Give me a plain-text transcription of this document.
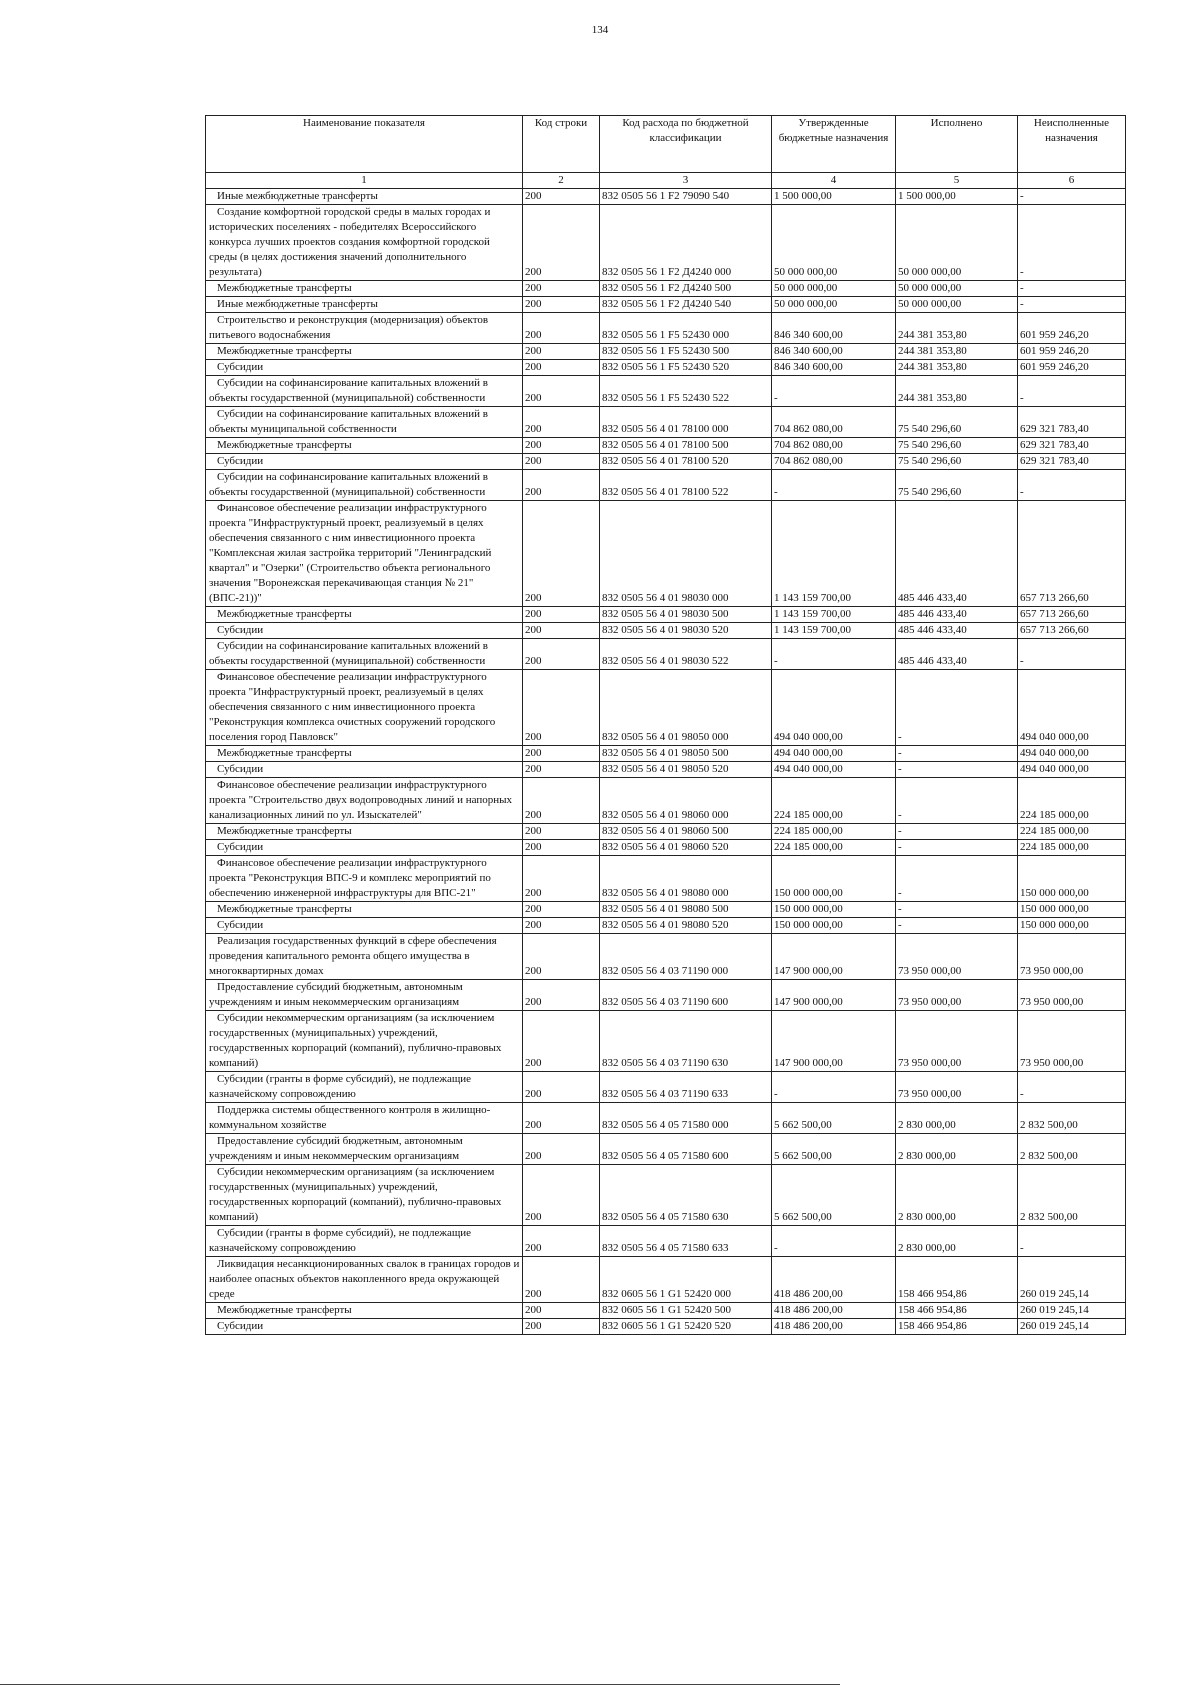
134
Наименование показателя	Код строки	Код расхода по бюджетной классификации	Утвержденные бюджетные назначения	Исполнено	Неисполненные назначения
1	2	3	4	5	6

Иные межбюджетные трансферты	200	832 0505 56 1 F2 79090 540	1 500 000,00	1 500 000,00	-

Создание комфортной городской среды в малых городах и исторических поселениях - победителях Всероссийского конкурса лучших проектов создания комфортной городской среды (в целях достижения значений дополнительного результата)	200	832 0505 56 1 F2 Д4240 000	50 000 000,00	50 000 000,00	-

Межбюджетные трансферты	200	832 0505 56 1 F2 Д4240 500	50 000 000,00	50 000 000,00	-

Иные межбюджетные трансферты	200	832 0505 56 1 F2 Д4240 540	50 000 000,00	50 000 000,00	-

Строительство и реконструкция (модернизация) объектов питьевого водоснабжения	200	832 0505 56 1 F5 52430 000	846 340 600,00	244 381 353,80	601 959 246,20

Межбюджетные трансферты	200	832 0505 56 1 F5 52430 500	846 340 600,00	244 381 353,80	601 959 246,20

Субсидии	200	832 0505 56 1 F5 52430 520	846 340 600,00	244 381 353,80	601 959 246,20

Субсидии на софинансирование капитальных вложений в объекты государственной (муниципальной) собственности	200	832 0505 56 1 F5 52430 522	-	244 381 353,80	-

Субсидии на софинансирование капитальных вложений в объекты муниципальной собственности	200	832 0505 56 4 01 78100 000	704 862 080,00	75 540 296,60	629 321 783,40

Межбюджетные трансферты	200	832 0505 56 4 01 78100 500	704 862 080,00	75 540 296,60	629 321 783,40

Субсидии	200	832 0505 56 4 01 78100 520	704 862 080,00	75 540 296,60	629 321 783,40

Субсидии на софинансирование капитальных вложений в объекты государственной (муниципальной) собственности	200	832 0505 56 4 01 78100 522	-	75 540 296,60	-

Финансовое обеспечение реализации инфраструктурного проекта "Инфраструктурный проект, реализуемый в целях обеспечения связанного с ним инвестиционного проекта "Комплексная жилая застройка территорий "Ленинградский квартал" и "Озерки" (Строительство объекта регионального значения "Воронежская перекачивающая станция № 21" (ВПС-21))"	200	832 0505 56 4 01 98030 000	1 143 159 700,00	485 446 433,40	657 713 266,60

Межбюджетные трансферты	200	832 0505 56 4 01 98030 500	1 143 159 700,00	485 446 433,40	657 713 266,60

Субсидии	200	832 0505 56 4 01 98030 520	1 143 159 700,00	485 446 433,40	657 713 266,60

Субсидии на софинансирование капитальных вложений в объекты государственной (муниципальной) собственности	200	832 0505 56 4 01 98030 522	-	485 446 433,40	-

Финансовое обеспечение реализации инфраструктурного проекта "Инфраструктурный проект, реализуемый в целях обеспечения связанного с ним инвестиционного проекта "Реконструкция комплекса очистных сооружений городского поселения город Павловск"	200	832 0505 56 4 01 98050 000	494 040 000,00	-	494 040 000,00

Межбюджетные трансферты	200	832 0505 56 4 01 98050 500	494 040 000,00	-	494 040 000,00

Субсидии	200	832 0505 56 4 01 98050 520	494 040 000,00	-	494 040 000,00

Финансовое обеспечение реализации инфраструктурного проекта "Строительство двух водопроводных линий и напорных канализационных линий по ул. Изыскателей"	200	832 0505 56 4 01 98060 000	224 185 000,00	-	224 185 000,00

Межбюджетные трансферты	200	832 0505 56 4 01 98060 500	224 185 000,00	-	224 185 000,00

Субсидии	200	832 0505 56 4 01 98060 520	224 185 000,00	-	224 185 000,00

Финансовое обеспечение реализации инфраструктурного проекта "Реконструкция ВПС-9 и комплекс мероприятий по обеспечению инженерной инфраструктуры для ВПС-21"	200	832 0505 56 4 01 98080 000	150 000 000,00	-	150 000 000,00

Межбюджетные трансферты	200	832 0505 56 4 01 98080 500	150 000 000,00	-	150 000 000,00

Субсидии	200	832 0505 56 4 01 98080 520	150 000 000,00	-	150 000 000,00

Реализация государственных функций в сфере обеспечения проведения капитального ремонта общего имущества в многоквартирных домах	200	832 0505 56 4 03 71190 000	147 900 000,00	73 950 000,00	73 950 000,00

Предоставление субсидий бюджетным, автономным учреждениям и иным некоммерческим организациям	200	832 0505 56 4 03 71190 600	147 900 000,00	73 950 000,00	73 950 000,00

Субсидии некоммерческим организациям (за исключением государственных (муниципальных) учреждений, государственных корпораций (компаний), публично-правовых компаний)	200	832 0505 56 4 03 71190 630	147 900 000,00	73 950 000,00	73 950 000,00

Субсидии (гранты в форме субсидий), не подлежащие казначейскому сопровождению	200	832 0505 56 4 03 71190 633	-	73 950 000,00	-

Поддержка системы общественного контроля в жилищно-коммунальном хозяйстве	200	832 0505 56 4 05 71580 000	5 662 500,00	2 830 000,00	2 832 500,00

Предоставление субсидий бюджетным, автономным учреждениям и иным некоммерческим организациям	200	832 0505 56 4 05 71580 600	5 662 500,00	2 830 000,00	2 832 500,00

Субсидии некоммерческим организациям (за исключением государственных (муниципальных) учреждений, государственных корпораций (компаний), публично-правовых компаний)	200	832 0505 56 4 05 71580 630	5 662 500,00	2 830 000,00	2 832 500,00

Субсидии (гранты в форме субсидий), не подлежащие казначейскому сопровождению	200	832 0505 56 4 05 71580 633	-	2 830 000,00	-

Ликвидация несанкционированных свалок в границах городов и наиболее опасных объектов накопленного вреда окружающей среде	200	832 0605 56 1 G1 52420 000	418 486 200,00	158 466 954,86	260 019 245,14

Межбюджетные трансферты	200	832 0605 56 1 G1 52420 500	418 486 200,00	158 466 954,86	260 019 245,14

Субсидии	200	832 0605 56 1 G1 52420 520	418 486 200,00	158 466 954,86	260 019 245,14
